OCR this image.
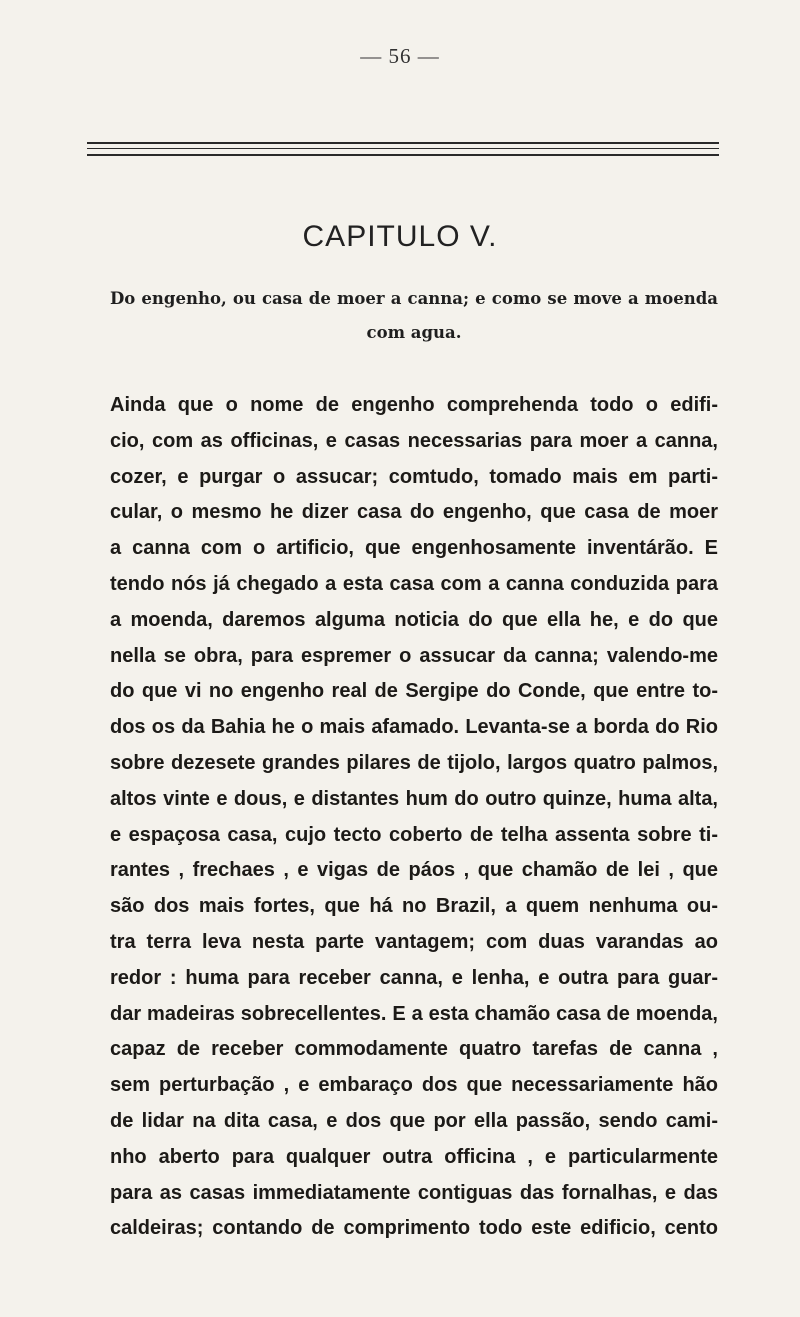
— 56 —
CAPITULO V.
Do engenho, ou casa de moer a canna; e como se move a moenda
com agua.
Ainda que o nome de engenho comprehenda todo o edifi-
cio, com as officinas, e casas necessarias para moer a canna,
cozer, e purgar o assucar; comtudo, tomado mais em parti-
cular, o mesmo he dizer casa do engenho, que casa de moer
a canna com o artificio, que engenhosamente inventárão. E
tendo nós já chegado a esta casa com a canna conduzida para
a moenda, daremos alguma noticia do que ella he, e do que
nella se obra, para espremer o assucar da canna; valendo-me
do que vi no engenho real de Sergipe do Conde, que entre to-
dos os da Bahia he o mais afamado. Levanta-se a borda do Rio
sobre dezesete grandes pilares de tijolo, largos quatro palmos,
altos vinte e dous, e distantes hum do outro quinze, huma alta,
e espaçosa casa, cujo tecto coberto de telha assenta sobre ti-
rantes , frechaes , e vigas de páos , que chamão de lei , que
são dos mais fortes, que há no Brazil, a quem nenhuma ou-
tra terra leva nesta parte vantagem; com duas varandas ao
redor : huma para receber canna, e lenha, e outra para guar-
dar madeiras sobrecellentes. E a esta chamão casa de moenda,
capaz de receber commodamente quatro tarefas de canna ,
sem perturbação , e embaraço dos que necessariamente hão
de lidar na dita casa, e dos que por ella passão, sendo cami-
nho aberto para qualquer outra officina , e particularmente
para as casas immediatamente contiguas das fornalhas, e das
caldeiras; contando de comprimento todo este edificio, cento
